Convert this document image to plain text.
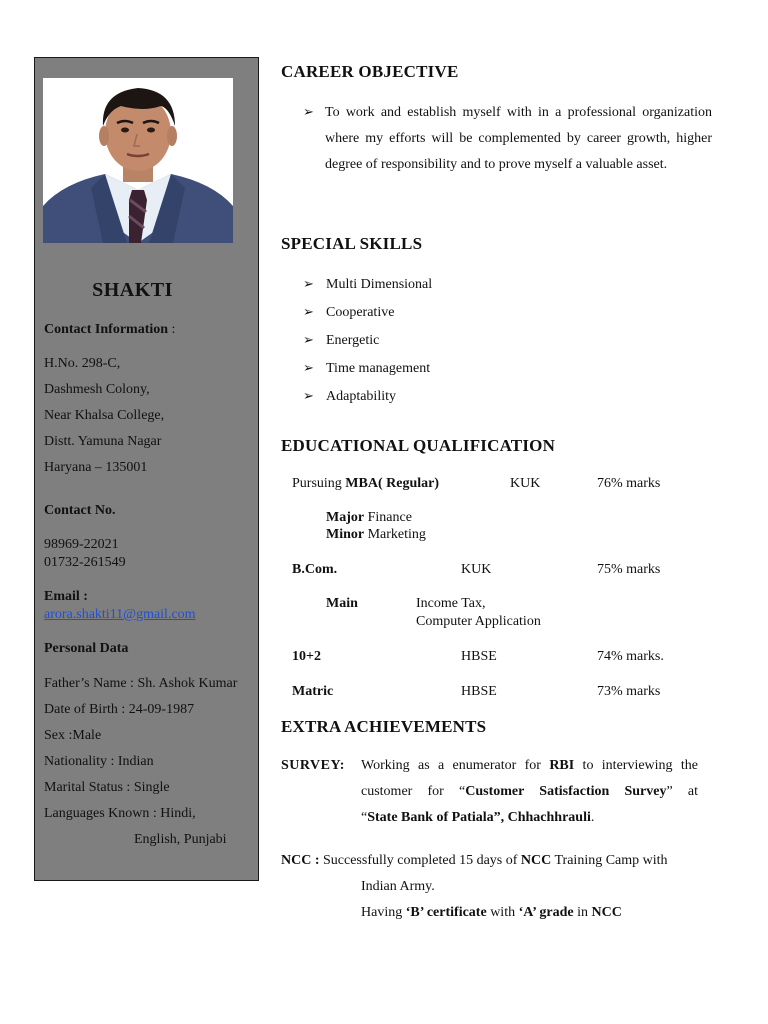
SHAKTI
Contact Information :
H.No. 298-C,
Dashmesh Colony,
Near Khalsa College,
Distt. Yamuna Nagar
Haryana – 135001
Contact No.
98969-22021
01732-261549
Email :
arora.shakti11@gmail.com
Personal Data
Father’s Name : Sh. Ashok Kumar
Date of Birth : 24-09-1987
Sex :Male
Nationality : Indian
Marital Status : Single
Languages Known : Hindi,
English, Punjabi
CAREER OBJECTIVE
➢ To work and establish myself with in a professional organization where my efforts will be complemented by career growth, higher degree of responsibility and to prove myself a valuable asset.
SPECIAL SKILLS
➢ Multi Dimensional
➢ Cooperative
➢ Energetic
➢ Time management
➢ Adaptability
EDUCATIONAL QUALIFICATION
Pursuing MBA( Regular)	KUK	76% marks
Major Finance
Minor Marketing
B.Com.	KUK	75% marks
Main	Income Tax,
Computer Application
10+2	HBSE	74% marks.
Matric	HBSE	73% marks
EXTRA ACHIEVEMENTS
SURVEY: Working as a enumerator for RBI to interviewing the
customer for “Customer Satisfaction Survey” at
“State Bank of Patiala”, Chhachhrauli.
NCC : Successfully completed 15 days of NCC Training Camp with
Indian Army.
Having ‘B’ certificate with ‘A’ grade in NCC
